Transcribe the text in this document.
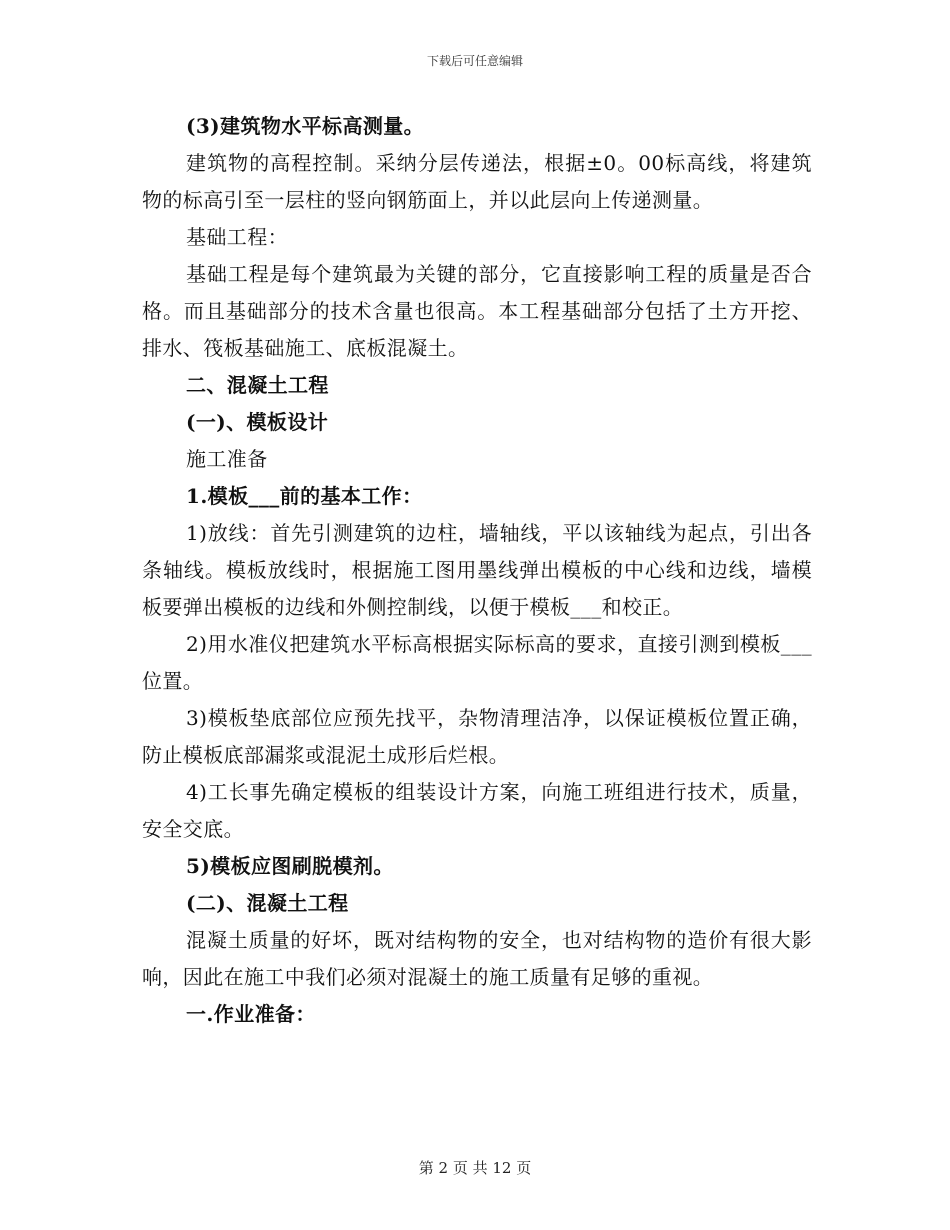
下载后可任意编辑

(3)建筑物水平标高测量。

建筑物的高程控制。采纳分层传递法，根据±0。00标高线，将建筑物的标高引至一层柱的竖向钢筋面上，并以此层向上传递测量。

基础工程：

基础工程是每个建筑最为关键的部分，它直接影响工程的质量是否合格。而且基础部分的技术含量也很高。本工程基础部分包括了土方开挖、排水、筏板基础施工、底板混凝土。

二、混凝土工程

(一)、模板设计

施工准备

1.模板___前的基本工作：

1)放线：首先引测建筑的边柱，墙轴线，平以该轴线为起点，引出各条轴线。模板放线时，根据施工图用墨线弹出模板的中心线和边线，墙模板要弹出模板的边线和外侧控制线，以便于模板___和校正。

2)用水准仪把建筑水平标高根据实际标高的要求，直接引测到模板___位置。

3)模板垫底部位应预先找平，杂物清理洁净，以保证模板位置正确，防止模板底部漏浆或混泥土成形后烂根。

4)工长事先确定模板的组装设计方案，向施工班组进行技术，质量，安全交底。

5)模板应图刷脱模剂。

(二)、混凝土工程

混凝土质量的好坏，既对结构物的安全，也对结构物的造价有很大影响，因此在施工中我们必须对混凝土的施工质量有足够的重视。

一.作业准备：

第 2 页 共 12 页
